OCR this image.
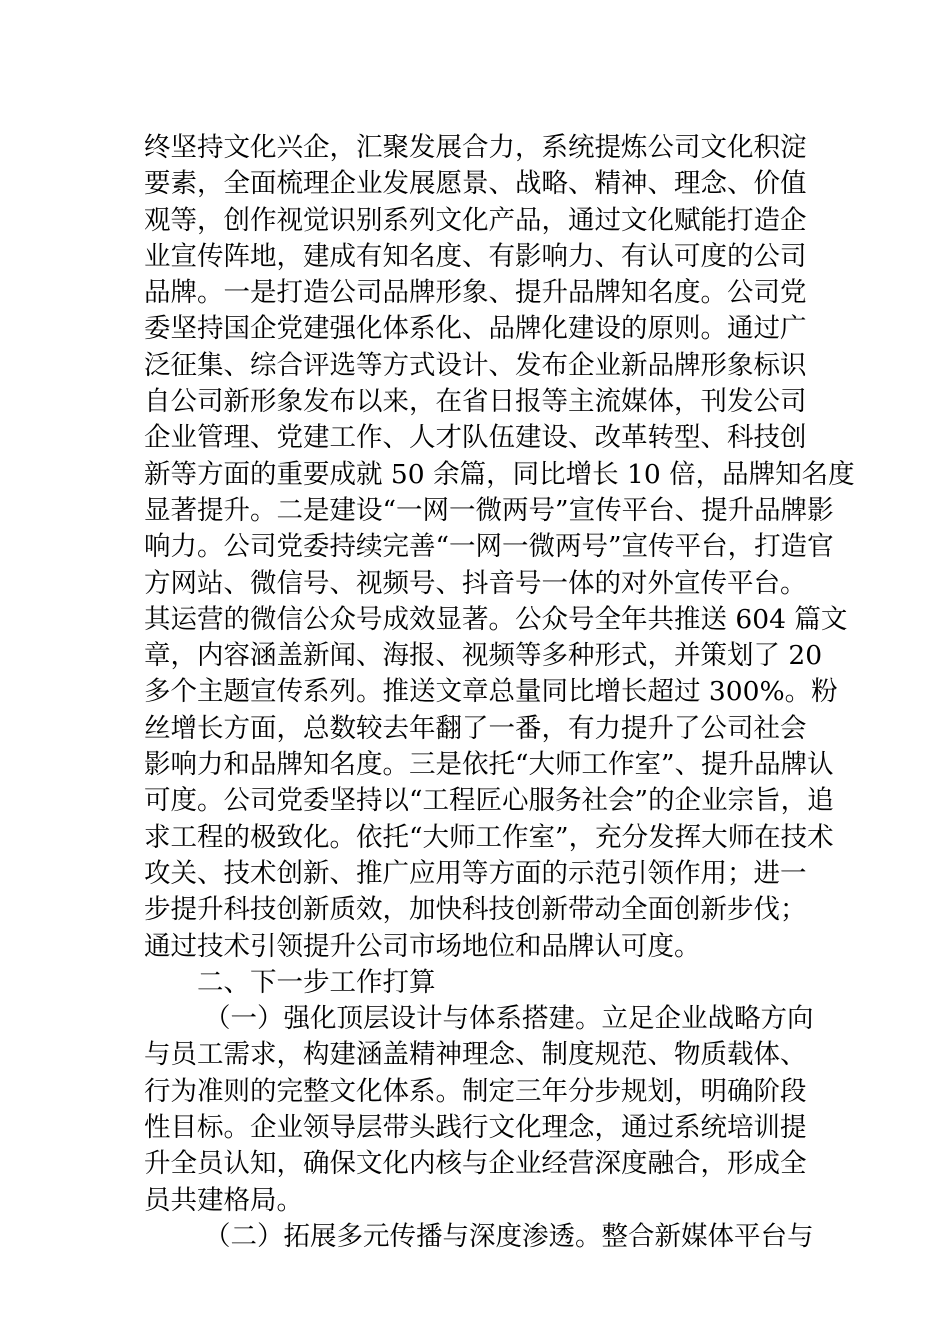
终坚持文化兴企，汇聚发展合力，系统提炼公司文化积淀
要素，全面梳理企业发展愿景、战略、精神、理念、价值
观等，创作视觉识别系列文化产品，通过文化赋能打造企
业宣传阵地，建成有知名度、有影响力、有认可度的公司
品牌。一是打造公司品牌形象、提升品牌知名度。公司党
委坚持国企党建强化体系化、品牌化建设的原则。通过广
泛征集、综合评选等方式设计、发布企业新品牌形象标识
自公司新形象发布以来，在省日报等主流媒体，刊发公司
企业管理、党建工作、人才队伍建设、改革转型、科技创
新等方面的重要成就 50 余篇，同比增长 10 倍，品牌知名度
显著提升。二是建设“一网一微两号”宣传平台、提升品牌影
响力。公司党委持续完善“一网一微两号”宣传平台，打造官
方网站、微信号、视频号、抖音号一体的对外宣传平台。
其运营的微信公众号成效显著。公众号全年共推送 604 篇文
章，内容涵盖新闻、海报、视频等多种形式，并策划了 20
多个主题宣传系列。推送文章总量同比增长超过 300%。粉
丝增长方面，总数较去年翻了一番，有力提升了公司社会
影响力和品牌知名度。三是依托“大师工作室”、提升品牌认
可度。公司党委坚持以“工程匠心服务社会”的企业宗旨，追
求工程的极致化。依托“大师工作室”，充分发挥大师在技术
攻关、技术创新、推广应用等方面的示范引领作用；进一
步提升科技创新质效，加快科技创新带动全面创新步伐；
通过技术引领提升公司市场地位和品牌认可度。
二、下一步工作打算
（一）强化顶层设计与体系搭建。立足企业战略方向
与员工需求，构建涵盖精神理念、制度规范、物质载体、
行为准则的完整文化体系。制定三年分步规划，明确阶段
性目标。企业领导层带头践行文化理念，通过系统培训提
升全员认知，确保文化内核与企业经营深度融合，形成全
员共建格局。
（二）拓展多元传播与深度渗透。整合新媒体平台与
